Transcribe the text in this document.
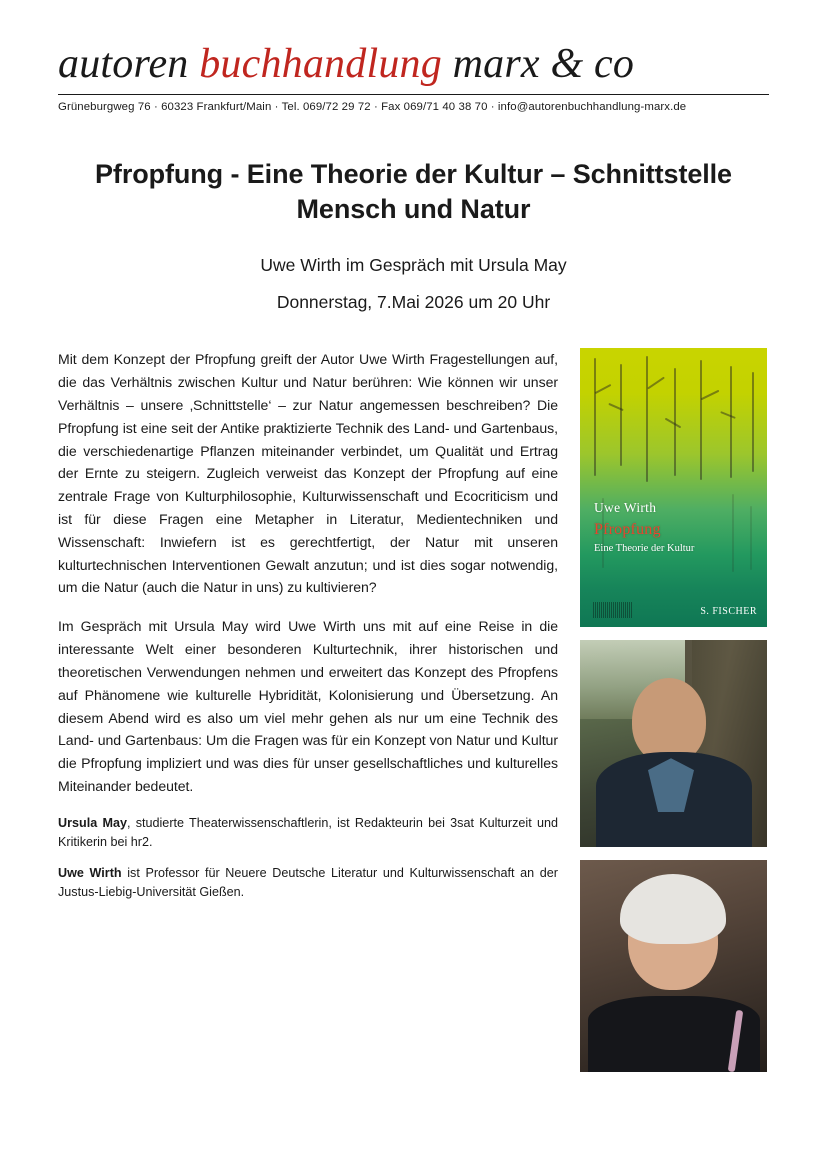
autoren buchhandlung marx & co
Grüneburgweg 76 · 60323 Frankfurt/Main · Tel. 069/72 29 72 · Fax 069/71 40 38 70 · info@autorenbuchhandlung-marx.de
Pfropfung - Eine Theorie der Kultur – Schnittstelle Mensch und Natur
Uwe Wirth im Gespräch mit Ursula May
Donnerstag, 7.Mai 2026 um 20 Uhr

Mit dem Konzept der Pfropfung greift der Autor Uwe Wirth Fragestellungen auf, die das Verhältnis zwischen Kultur und Natur berühren: Wie können wir unser Verhältnis – unsere ‚Schnittstelle‘ – zur Natur angemessen beschreiben? Die Pfropfung ist eine seit der Antike praktizierte Technik des Land- und Gartenbaus, die verschiedenartige Pflanzen miteinander verbindet, um Qualität und Ertrag der Ernte zu steigern. Zugleich verweist das Konzept der Pfropfung auf eine zentrale Frage von Kulturphilosophie, Kulturwissenschaft und Ecocriticism und ist für diese Fragen eine Metapher in Literatur, Medientechniken und Wissenschaft: Inwiefern ist es gerechtfertigt, der Natur mit unseren kulturtechnischen Interventionen Gewalt anzutun; und ist dies sogar notwendig, um die Natur (auch die Natur in uns) zu kultivieren?

Im Gespräch mit Ursula May wird Uwe Wirth uns mit auf eine Reise in die interessante Welt einer besonderen Kulturtechnik, ihrer historischen und theoretischen Verwendungen nehmen und erweitert das Konzept des Pfropfens auf Phänomene wie kulturelle Hybridität, Kolonisierung und Übersetzung. An diesem Abend wird es also um viel mehr gehen als nur um eine Technik des Land- und Gartenbaus: Um die Fragen was für ein Konzept von Natur und Kultur die Pfropfung impliziert und was dies für unser gesellschaftliches und kulturelles Miteinander bedeutet.

Ursula May, studierte Theaterwissenschaftlerin, ist Redakteurin bei 3sat Kulturzeit und Kritikerin bei hr2.

Uwe Wirth ist Professor für Neuere Deutsche Literatur und Kulturwissenschaft an der Justus-Liebig-Universität Gießen.

Uwe Wirth
Pfropfung
Eine Theorie der Kultur
S. FISCHER
